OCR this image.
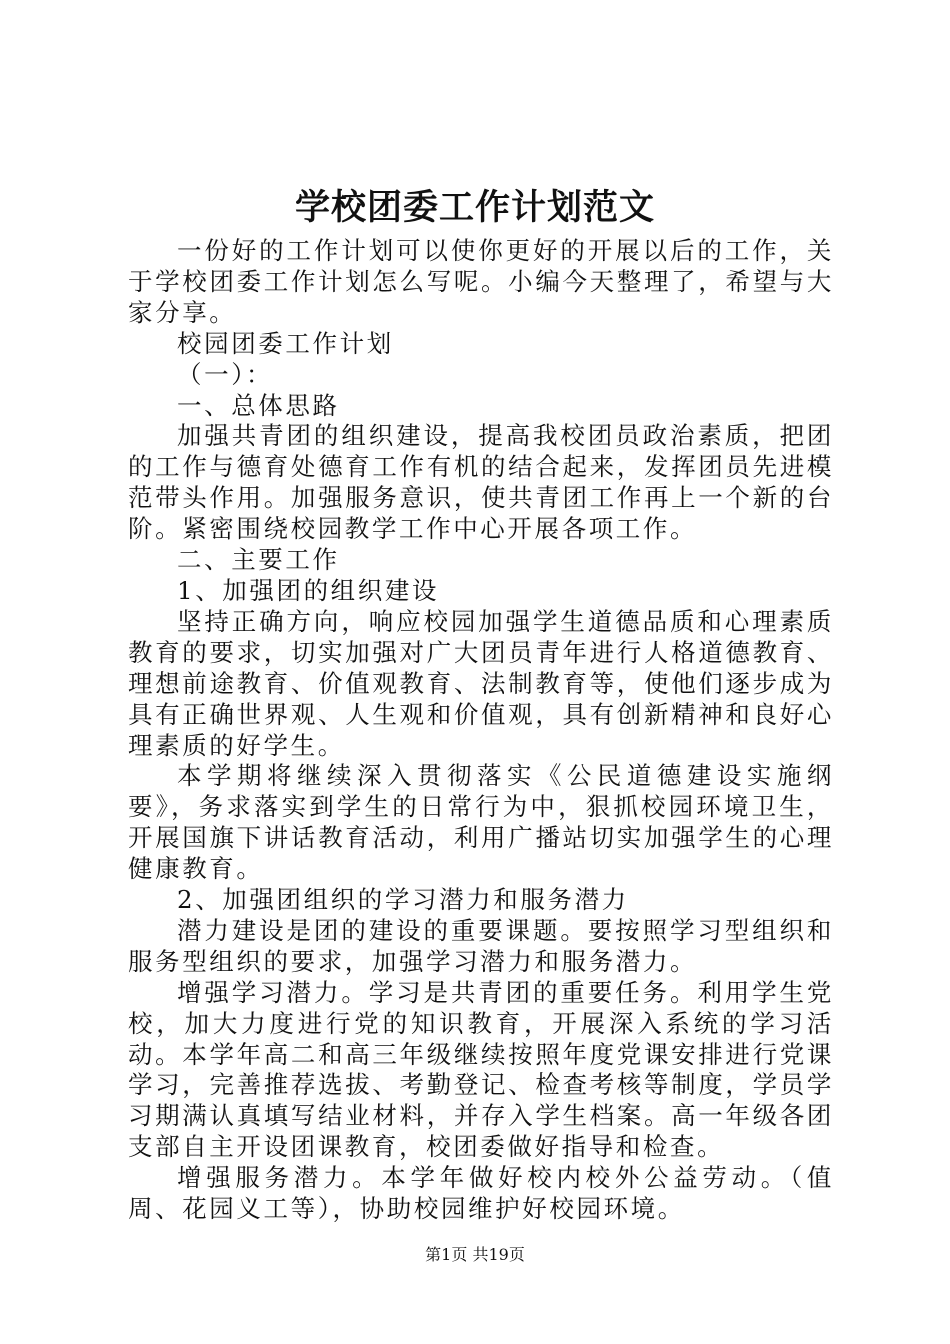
学校团委工作计划范文

一份好的工作计划可以使你更好的开展以后的工作，关于学校团委工作计划怎么写呢。小编今天整理了，希望与大家分享。

校园团委工作计划

（一）：

一、总体思路

加强共青团的组织建设，提高我校团员政治素质，把团的工作与德育处德育工作有机的结合起来，发挥团员先进模范带头作用。加强服务意识，使共青团工作再上一个新的台阶。紧密围绕校园教学工作中心开展各项工作。

二、主要工作

1、加强团的组织建设

坚持正确方向，响应校园加强学生道德品质和心理素质教育的要求，切实加强对广大团员青年进行人格道德教育、理想前途教育、价值观教育、法制教育等，使他们逐步成为具有正确世界观、人生观和价值观，具有创新精神和良好心理素质的好学生。

本学期将继续深入贯彻落实《公民道德建设实施纲要》，务求落实到学生的日常行为中，狠抓校园环境卫生，开展国旗下讲话教育活动，利用广播站切实加强学生的心理健康教育。

2、加强团组织的学习潜力和服务潜力

潜力建设是团的建设的重要课题。要按照学习型组织和服务型组织的要求，加强学习潜力和服务潜力。

增强学习潜力。学习是共青团的重要任务。利用学生党校，加大力度进行党的知识教育，开展深入系统的学习活动。本学年高二和高三年级继续按照年度党课安排进行党课学习，完善推荐选拔、考勤登记、检查考核等制度，学员学习期满认真填写结业材料，并存入学生档案。高一年级各团支部自主开设团课教育，校团委做好指导和检查。

增强服务潜力。本学年做好校内校外公益劳动。（值周、花园义工等），协助校园维护好校园环境。

第1页 共19页
